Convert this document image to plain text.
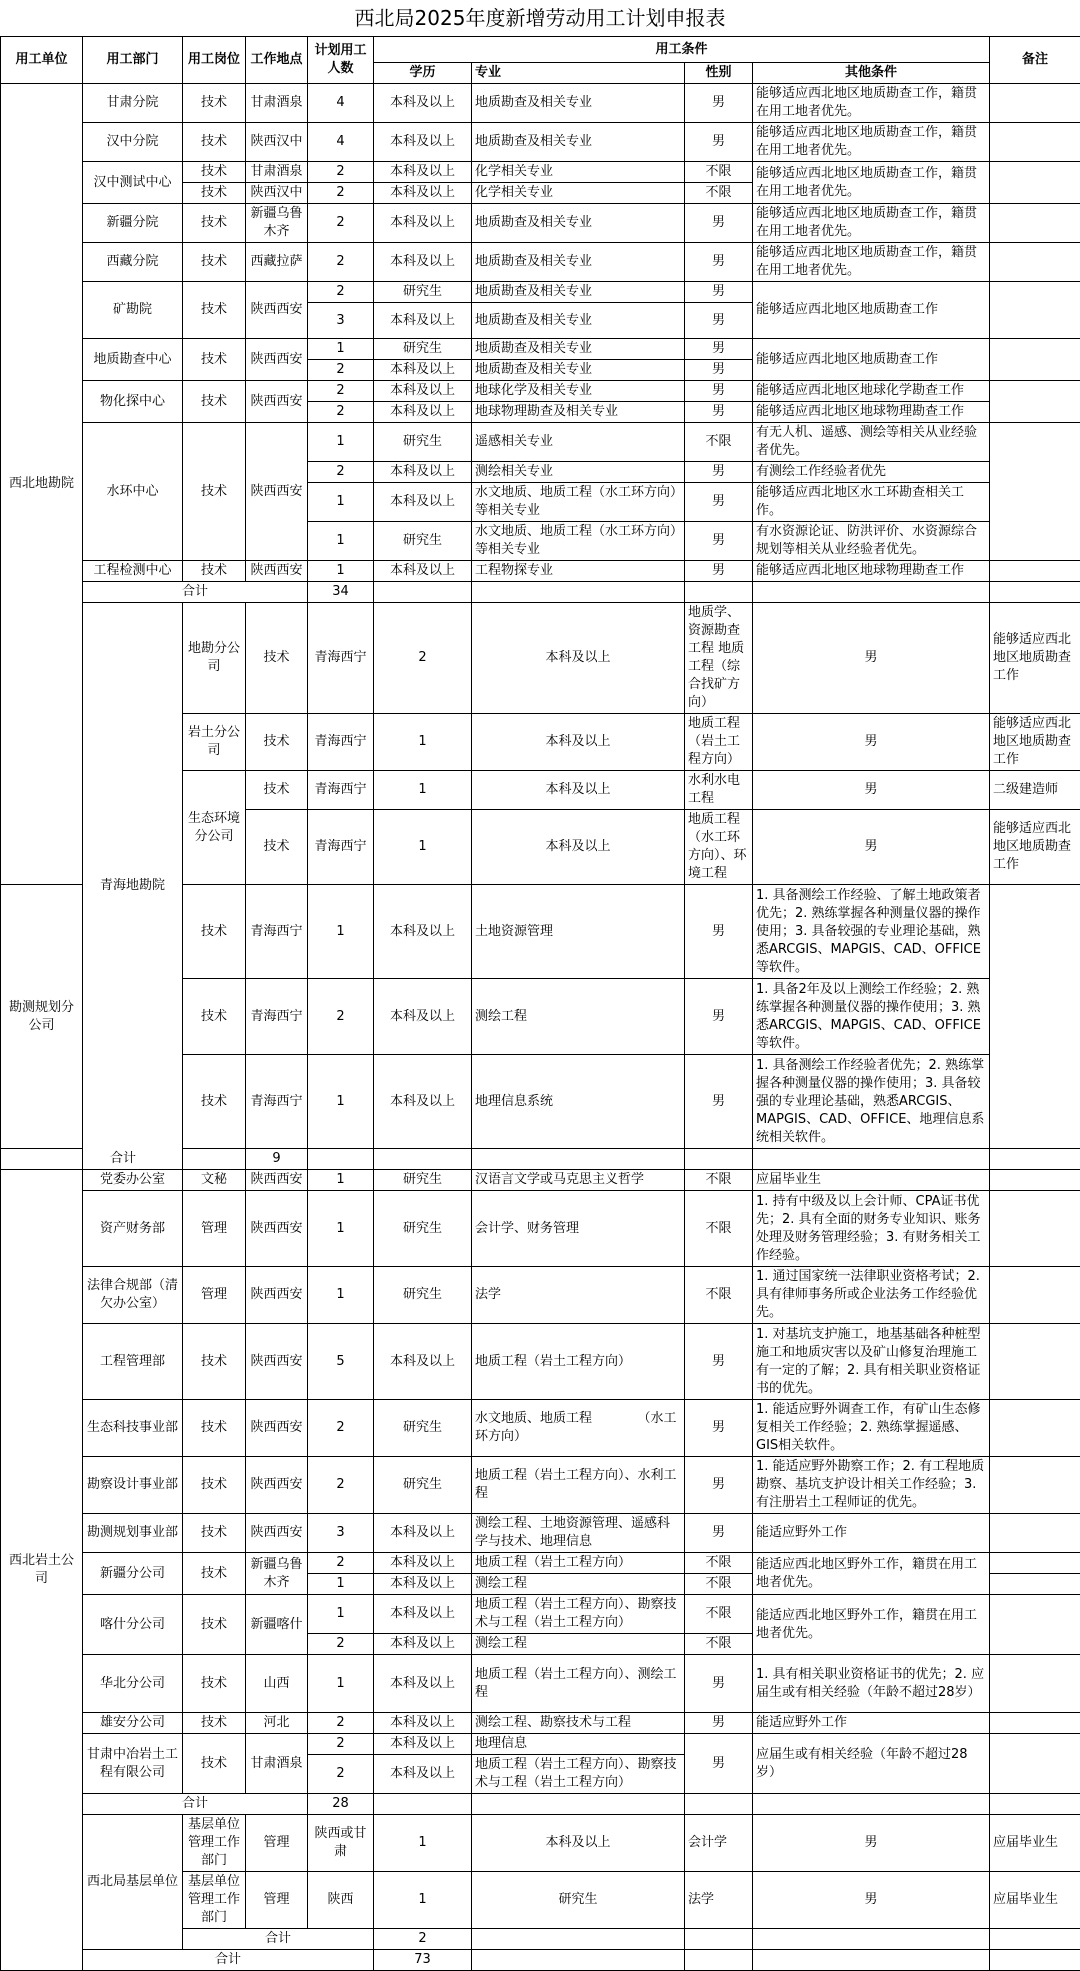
西北局2025年度新增劳动用工计划申报表
用工单位	用工部门	用工岗位	工作地点	计划用工人数	用工条件				备注	
					学历	专业	性别	其他条件		
西北地勘院	甘肃分院	技术	甘肃酒泉	4	本科及以上	地质勘查及相关专业	男	能够适应西北地区地质勘查工作，籍贯在用工地者优先。		
	汉中分院	技术	陕西汉中	4	本科及以上	地质勘查及相关专业	男	能够适应西北地区地质勘查工作，籍贯在用工地者优先。		
	汉中测试中心	技术	甘肃酒泉	2	本科及以上	化学相关专业	不限	能够适应西北地区地质勘查工作，籍贯在用工地者优先。		
		技术	陕西汉中	2	本科及以上	化学相关专业	不限			
	新疆分院	技术	新疆乌鲁木齐	2	本科及以上	地质勘查及相关专业	男	能够适应西北地区地质勘查工作，籍贯在用工地者优先。		
	西藏分院	技术	西藏拉萨	2	本科及以上	地质勘查及相关专业	男	能够适应西北地区地质勘查工作，籍贯在用工地者优先。		
	矿勘院	技术	陕西西安	2	研究生	地质勘查及相关专业	男	能够适应西北地区地质勘查工作		
				3	本科及以上	地质勘查及相关专业	男			
	地质勘查中心	技术	陕西西安	1	研究生	地质勘查及相关专业	男	能够适应西北地区地质勘查工作		
				2	本科及以上	地质勘查及相关专业	男			
	物化探中心	技术	陕西西安	2	本科及以上	地球化学及相关专业	男	能够适应西北地区地球化学勘查工作		
				2	本科及以上	地球物理勘查及相关专业	男	能够适应西北地区地球物理勘查工作		
	水环中心	技术	陕西西安	1	研究生	遥感相关专业	不限	有无人机、遥感、测绘等相关从业经验者优先。		
				2	本科及以上	测绘相关专业	男	有测绘工作经验者优先		
				1	本科及以上	水文地质、地质工程（水工环方向）等相关专业	男	能够适应西北地区水工环勘查相关工作。		
				1	研究生	水文地质、地质工程（水工环方向）等相关专业	男	有水资源论证、防洪评价、水资源综合规划等相关从业经验者优先。		
	工程检测中心	技术	陕西西安	1	本科及以上	工程物探专业	男	能够适应西北地区地球物理勘查工作		
	合计			34						
	青海地勘院	地勘分公司	技术	青海西宁	2	本科及以上	地质学、资源勘查工程 地质工程（综合找矿方向）	男	能够适应西北地区地质勘查工作	
		岩土分公司	技术	青海西宁	1	本科及以上	地质工程（岩土工程方向）	男	能够适应西北地区地质勘查工作	
		生态环境分公司	技术	青海西宁	1	本科及以上	水利水电工程	男	二级建造师	
			技术	青海西宁	1	本科及以上	地质工程（水工环方向）、环境工程	男	能够适应西北地区地质勘查工作	
勘测规划分公司		技术	青海西宁	1	本科及以上	土地资源管理	男	1. 具备测绘工作经验、了解土地政策者优先；2. 熟练掌握各种测量仪器的操作使用；3. 具备较强的专业理论基础，熟悉ARCGIS、MAPGIS、CAD、OFFICE等软件。		
		技术	青海西宁	2	本科及以上	测绘工程	男	1. 具备2年及以上测绘工作经验；2. 熟练掌握各种测量仪器的操作使用；3. 熟悉ARCGIS、MAPGIS、CAD、OFFICE等软件。		
		技术	青海西宁	1	本科及以上	地理信息系统	男	1. 具备测绘工作经验者优先；2. 熟练掌握各种测量仪器的操作使用；3. 具备较强的专业理论基础，熟悉ARCGIS、MAPGIS、CAD、OFFICE、地理信息系统相关软件。		
合计			9							
西北岩土公司	党委办公室	文秘	陕西西安	1	研究生	汉语言文学或马克思主义哲学	不限	应届毕业生		
	资产财务部	管理	陕西西安	1	研究生	会计学、财务管理	不限	1. 持有中级及以上会计师、CPA证书优先；2. 具有全面的财务专业知识、账务处理及财务管理经验；3. 有财务相关工作经验。		
	法律合规部（清欠办公室）	管理	陕西西安	1	研究生	法学	不限	1. 通过国家统一法律职业资格考试；2. 具有律师事务所或企业法务工作经验优先。		
	工程管理部	技术	陕西西安	5	本科及以上	地质工程（岩土工程方向）	男	1. 对基坑支护施工，地基基础各种桩型施工和地质灾害以及矿山修复治理施工有一定的了解；2. 具有相关职业资格证书的优先。		
	生态科技事业部	技术	陕西西安	2	研究生	水文地质、地质工程　　　　（水工环方向）	男	1. 能适应野外调查工作，有矿山生态修复相关工作经验；2. 熟练掌握遥感、GIS相关软件。		
	勘察设计事业部	技术	陕西西安	2	研究生	地质工程（岩土工程方向）、水利工程	男	1. 能适应野外勘察工作；2. 有工程地质勘察、基坑支护设计相关工作经验；3. 有注册岩土工程师证的优先。		
	勘测规划事业部	技术	陕西西安	3	本科及以上	测绘工程、土地资源管理、遥感科学与技术、地理信息	男	能适应野外工作		
	新疆分公司	技术	新疆乌鲁木齐	2	本科及以上	地质工程（岩土工程方向）	不限	能适应西北地区野外工作，籍贯在用工地者优先。		
				1	本科及以上	测绘工程	不限			
	喀什分公司	技术	新疆喀什	1	本科及以上	地质工程（岩土工程方向）、勘察技术与工程（岩土工程方向）	不限	能适应西北地区野外工作，籍贯在用工地者优先。		
				2	本科及以上	测绘工程	不限			
	华北分公司	技术	山西	1	本科及以上	地质工程（岩土工程方向）、测绘工程	男	1. 具有相关职业资格证书的优先；2. 应届生或有相关经验（年龄不超过28岁）		
	雄安分公司	技术	河北	2	本科及以上	测绘工程、勘察技术与工程	男	能适应野外工作		
	甘肃中冶岩土工程有限公司	技术	甘肃酒泉	2	本科及以上	地理信息	男	应届生或有相关经验（年龄不超过28岁）		
				2	本科及以上	地质工程（岩土工程方向）、勘察技术与工程（岩土工程方向）				
	合计			28						
	西北局基层单位	基层单位管理工作部门	管理	陕西或甘肃	1	本科及以上	会计学	男	应届毕业生	
		基层单位管理工作部门	管理	陕西	1	研究生	法学	男	应届毕业生	
		合计			2					
	合计				73					
